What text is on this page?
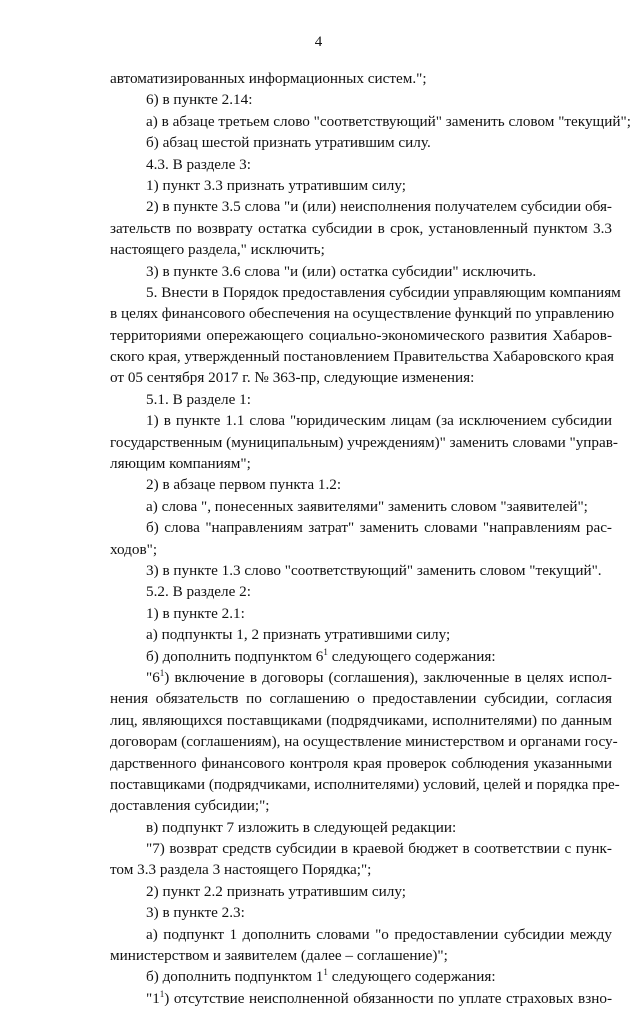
4
автоматизированных информационных систем.";
6) в пункте 2.14:
а) в абзаце третьем слово "соответствующий" заменить словом "текущий";
б) абзац шестой признать утратившим силу.
4.3. В разделе 3:
1) пункт 3.3 признать утратившим силу;
2) в пункте 3.5 слова "и (или) неисполнения получателем субсидии обя-
зательств по возврату остатка субсидии в срок, установленный пунктом 3.3
настоящего раздела," исключить;
3) в пункте 3.6 слова "и (или) остатка субсидии" исключить.
5. Внести в Порядок предоставления субсидии управляющим компаниям
в целях финансового обеспечения на осуществление функций по управлению
территориями опережающего социально-экономического развития Хабаров-
ского края, утвержденный постановлением Правительства Хабаровского края
от 05 сентября 2017 г. № 363-пр, следующие изменения:
5.1. В разделе 1:
1) в пункте 1.1 слова "юридическим лицам (за исключением субсидии
государственным (муниципальным) учреждениям)" заменить словами "управ-
ляющим компаниям";
2) в абзаце первом пункта 1.2:
а) слова ", понесенных заявителями" заменить словом "заявителей";
б) слова "направлениям затрат" заменить словами "направлениям рас-
ходов";
3) в пункте 1.3 слово "соответствующий" заменить словом "текущий".
5.2. В разделе 2:
1) в пункте 2.1:
а) подпункты 1, 2 признать утратившими силу;
б) дополнить подпунктом $6^1$ следующего содержания:
"$6^1$) включение в договоры (соглашения), заключенные в целях испол-
нения обязательств по соглашению о предоставлении субсидии, согласия
лиц, являющихся поставщиками (подрядчиками, исполнителями) по данным
договорам (соглашениям), на осуществление министерством и органами госу-
дарственного финансового контроля края проверок соблюдения указанными
поставщиками (подрядчиками, исполнителями) условий, целей и порядка пре-
доставления субсидии;";
в) подпункт 7 изложить в следующей редакции:
"7) возврат средств субсидии в краевой бюджет в соответствии с пунк-
том 3.3 раздела 3 настоящего Порядка;";
2) пункт 2.2 признать утратившим силу;
3) в пункте 2.3:
а) подпункт 1 дополнить словами "о предоставлении субсидии между
министерством и заявителем (далее – соглашение)";
б) дополнить подпунктом $1^1$ следующего содержания:
"$1^1$) отсутствие неисполненной обязанности по уплате страховых взно-
